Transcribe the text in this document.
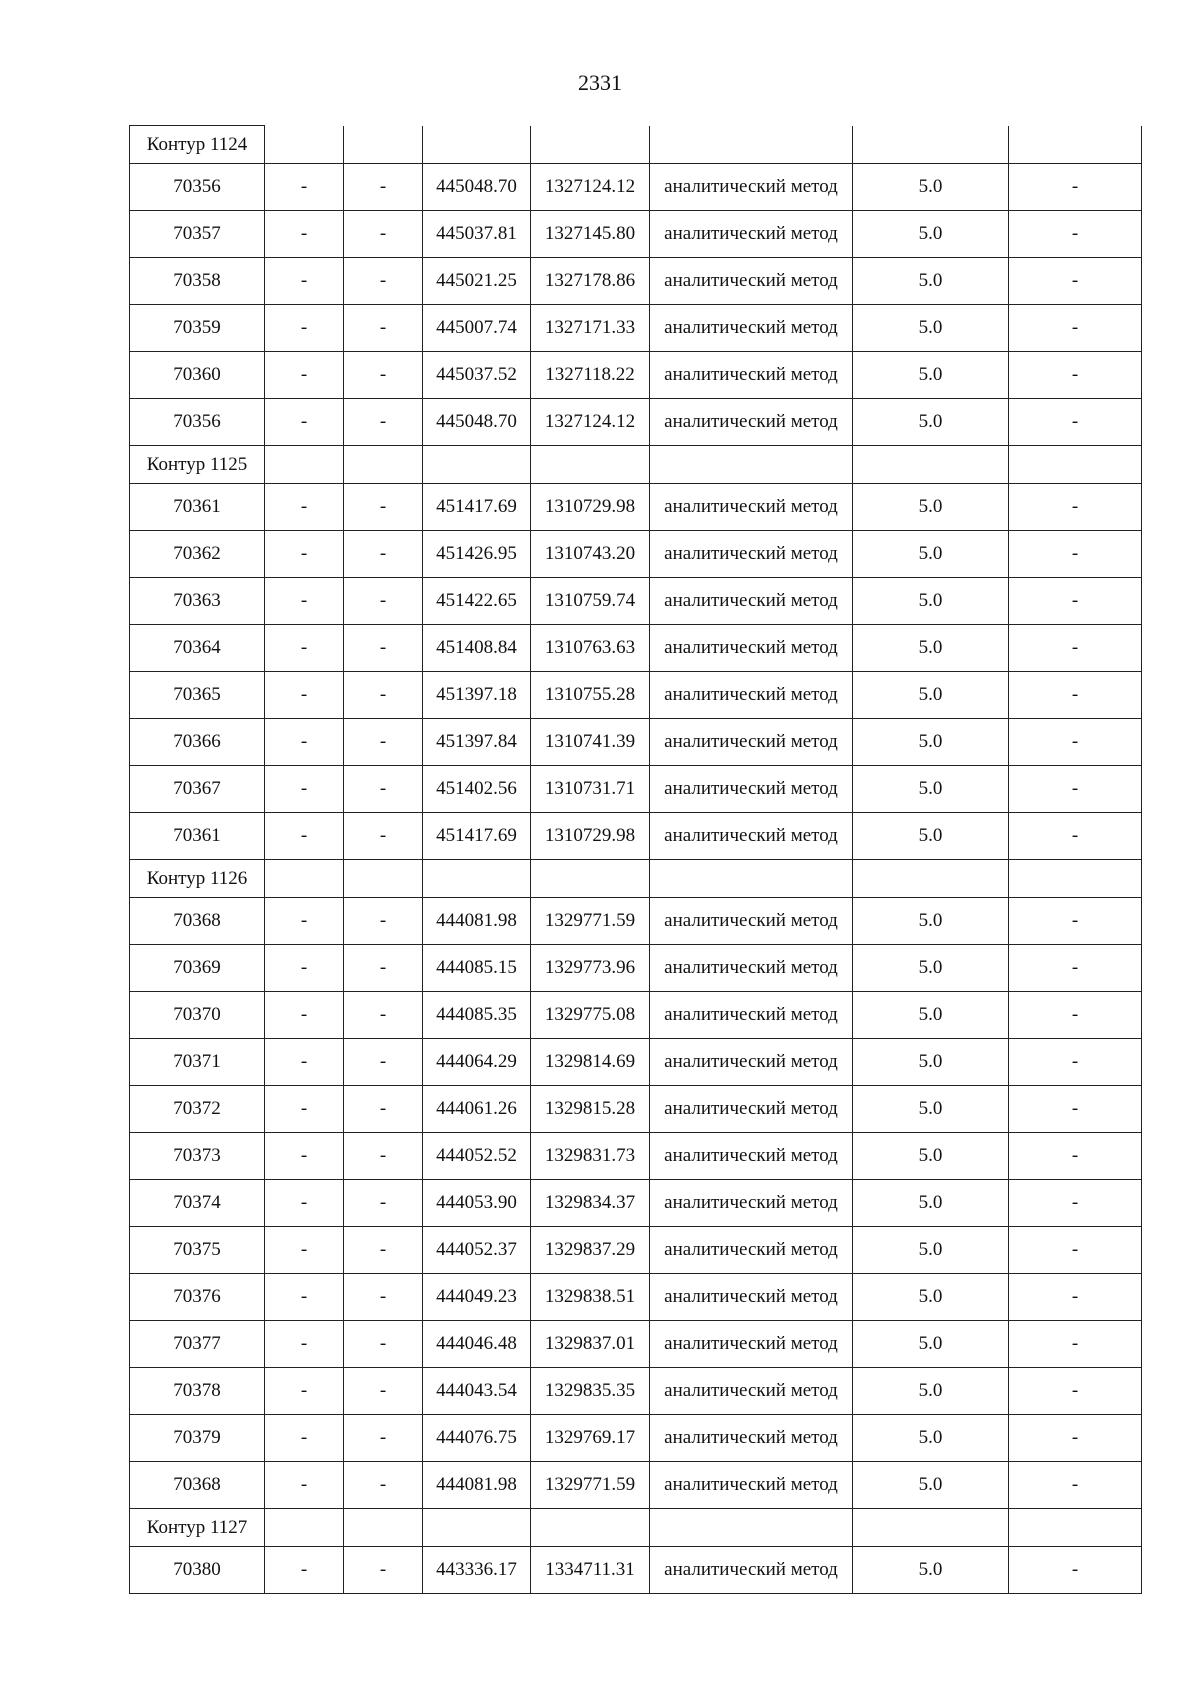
2331
Контур 1124							
70356	-	-	445048.70	1327124.12	аналитический метод	5.0	-
70357	-	-	445037.81	1327145.80	аналитический метод	5.0	-
70358	-	-	445021.25	1327178.86	аналитический метод	5.0	-
70359	-	-	445007.74	1327171.33	аналитический метод	5.0	-
70360	-	-	445037.52	1327118.22	аналитический метод	5.0	-
70356	-	-	445048.70	1327124.12	аналитический метод	5.0	-
Контур 1125							
70361	-	-	451417.69	1310729.98	аналитический метод	5.0	-
70362	-	-	451426.95	1310743.20	аналитический метод	5.0	-
70363	-	-	451422.65	1310759.74	аналитический метод	5.0	-
70364	-	-	451408.84	1310763.63	аналитический метод	5.0	-
70365	-	-	451397.18	1310755.28	аналитический метод	5.0	-
70366	-	-	451397.84	1310741.39	аналитический метод	5.0	-
70367	-	-	451402.56	1310731.71	аналитический метод	5.0	-
70361	-	-	451417.69	1310729.98	аналитический метод	5.0	-
Контур 1126							
70368	-	-	444081.98	1329771.59	аналитический метод	5.0	-
70369	-	-	444085.15	1329773.96	аналитический метод	5.0	-
70370	-	-	444085.35	1329775.08	аналитический метод	5.0	-
70371	-	-	444064.29	1329814.69	аналитический метод	5.0	-
70372	-	-	444061.26	1329815.28	аналитический метод	5.0	-
70373	-	-	444052.52	1329831.73	аналитический метод	5.0	-
70374	-	-	444053.90	1329834.37	аналитический метод	5.0	-
70375	-	-	444052.37	1329837.29	аналитический метод	5.0	-
70376	-	-	444049.23	1329838.51	аналитический метод	5.0	-
70377	-	-	444046.48	1329837.01	аналитический метод	5.0	-
70378	-	-	444043.54	1329835.35	аналитический метод	5.0	-
70379	-	-	444076.75	1329769.17	аналитический метод	5.0	-
70368	-	-	444081.98	1329771.59	аналитический метод	5.0	-
Контур 1127							
70380	-	-	443336.17	1334711.31	аналитический метод	5.0	-
